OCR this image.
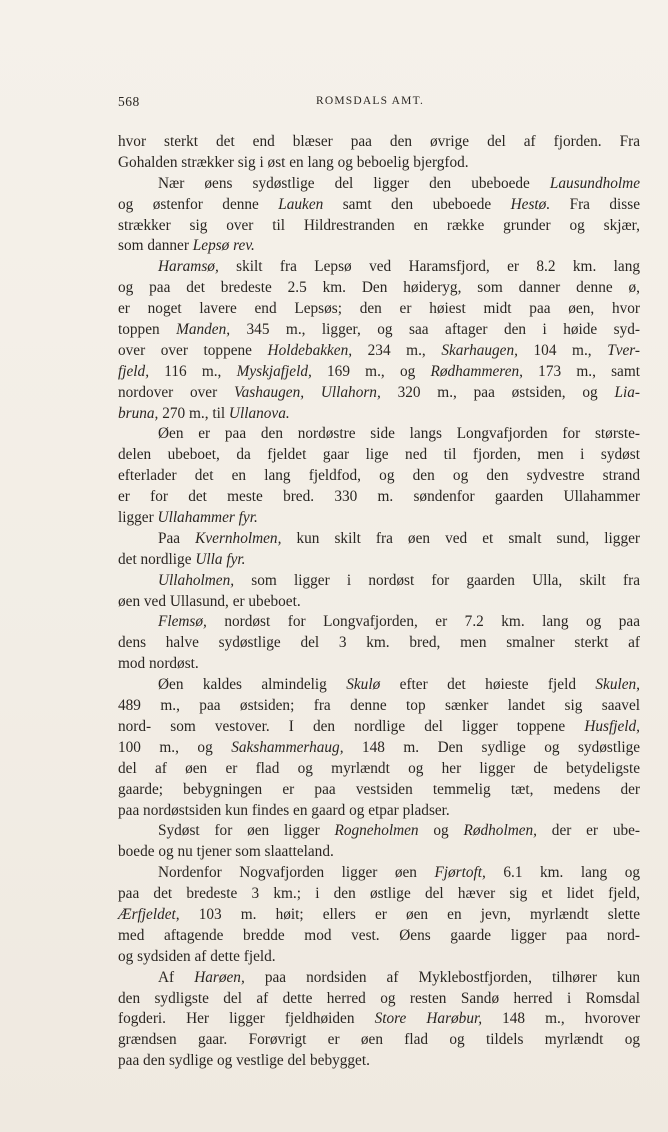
568	ROMSDALS AMT.
hvor sterkt det end blæser paa den øvrige del af fjorden. Fra
Gohalden strækker sig i øst en lang og beboelig bjergfod.
Nær øens sydøstlige del ligger den ubeboede Lausundholme
og østenfor denne Lauken samt den ubeboede Hestø. Fra disse
strækker sig over til Hildrestranden en række grunder og skjær,
som danner Lepsø rev.
Haramsø, skilt fra Lepsø ved Haramsfjord, er 8.2 km. lang
og paa det bredeste 2.5 km. Den høideryg, som danner denne ø,
er noget lavere end Lepsøs; den er høiest midt paa øen, hvor
toppen Manden, 345 m., ligger, og saa aftager den i høide syd-
over over toppene Holdebakken, 234 m., Skarhaugen, 104 m., Tver-
fjeld, 116 m., Myskjafjeld, 169 m., og Rødhammeren, 173 m., samt
nordover over Vashaugen, Ullahorn, 320 m., paa østsiden, og Lia-
bruna, 270 m., til Ullanova.
Øen er paa den nordøstre side langs Longvafjorden for største-
delen ubeboet, da fjeldet gaar lige ned til fjorden, men i sydøst
efterlader det en lang fjeldfod, og den og den sydvestre strand
er for det meste bred. 330 m. søndenfor gaarden Ullahammer
ligger Ullahammer fyr.
Paa Kvernholmen, kun skilt fra øen ved et smalt sund, ligger
det nordlige Ulla fyr.
Ullaholmen, som ligger i nordøst for gaarden Ulla, skilt fra
øen ved Ullasund, er ubeboet.
Flemsø, nordøst for Longvafjorden, er 7.2 km. lang og paa
dens halve sydøstlige del 3 km. bred, men smalner sterkt af
mod nordøst.
Øen kaldes almindelig Skulø efter det høieste fjeld Skulen,
489 m., paa østsiden; fra denne top sænker landet sig saavel
nord- som vestover. I den nordlige del ligger toppene Husfjeld,
100 m., og Sakshammerhaug, 148 m. Den sydlige og sydøstlige
del af øen er flad og myrlændt og her ligger de betydeligste
gaarde; bebygningen er paa vestsiden temmelig tæt, medens der
paa nordøstsiden kun findes en gaard og etpar pladser.
Sydøst for øen ligger Rogneholmen og Rødholmen, der er ube-
boede og nu tjener som slaatteland.
Nordenfor Nogvafjorden ligger øen Fjørtoft, 6.1 km. lang og
paa det bredeste 3 km.; i den østlige del hæver sig et lidet fjeld,
Ærfjeldet, 103 m. høit; ellers er øen en jevn, myrlændt slette
med aftagende bredde mod vest. Øens gaarde ligger paa nord-
og sydsiden af dette fjeld.
Af Harøen, paa nordsiden af Myklebostfjorden, tilhører kun
den sydligste del af dette herred og resten Sandø herred i Romsdal
fogderi. Her ligger fjeldhøiden Store Harøbur, 148 m., hvorover
grændsen gaar. Forøvrigt er øen flad og tildels myrlændt og
paa den sydlige og vestlige del bebygget.
